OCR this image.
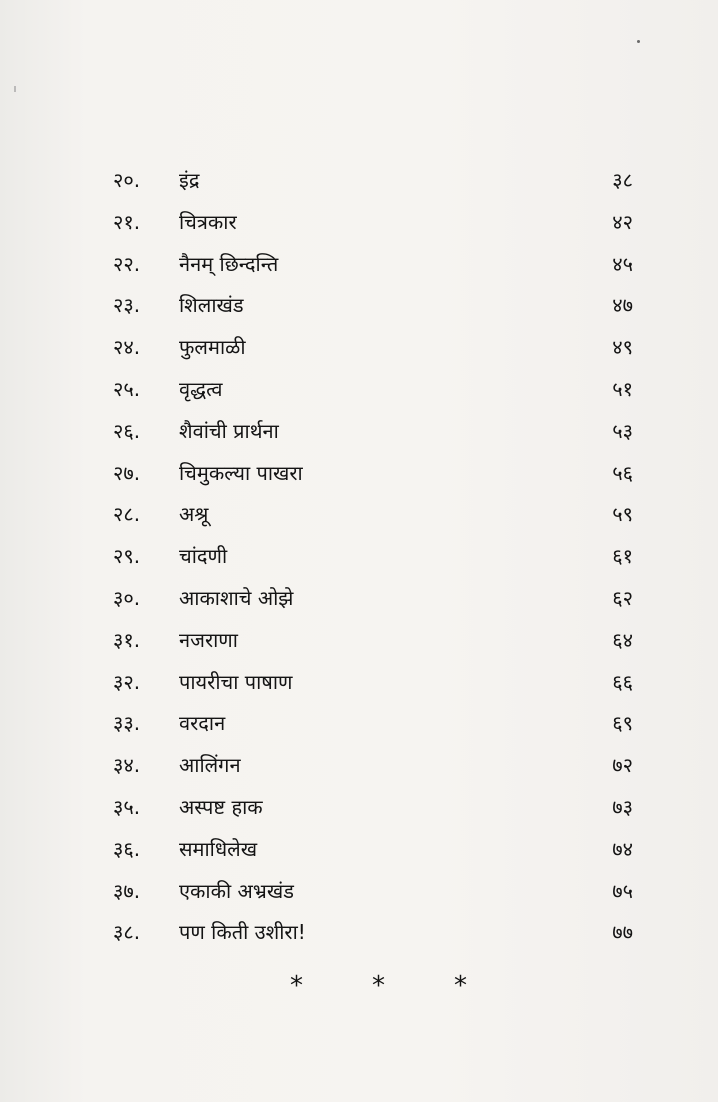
२०.	इंद्र	३८
२१.	चित्रकार	४२
२२.	नैनम् छिन्दन्ति	४५
२३.	शिलाखंड	४७
२४.	फुलमाळी	४९
२५.	वृद्धत्व	५१
२६.	शैवांची प्रार्थना	५३
२७.	चिमुकल्या पाखरा	५६
२८.	अश्रू	५९
२९.	चांदणी	६१
३०.	आकाशाचे ओझे	६२
३१.	नजराणा	६४
३२.	पायरीचा पाषाण	६६
३३.	वरदान	६९
३४.	आलिंगन	७२
३५.	अस्पष्ट हाक	७३
३६.	समाधिलेख	७४
३७.	एकाकी अभ्रखंड	७५
३८.	पण किती उशीरा!	७७
*	*	*
